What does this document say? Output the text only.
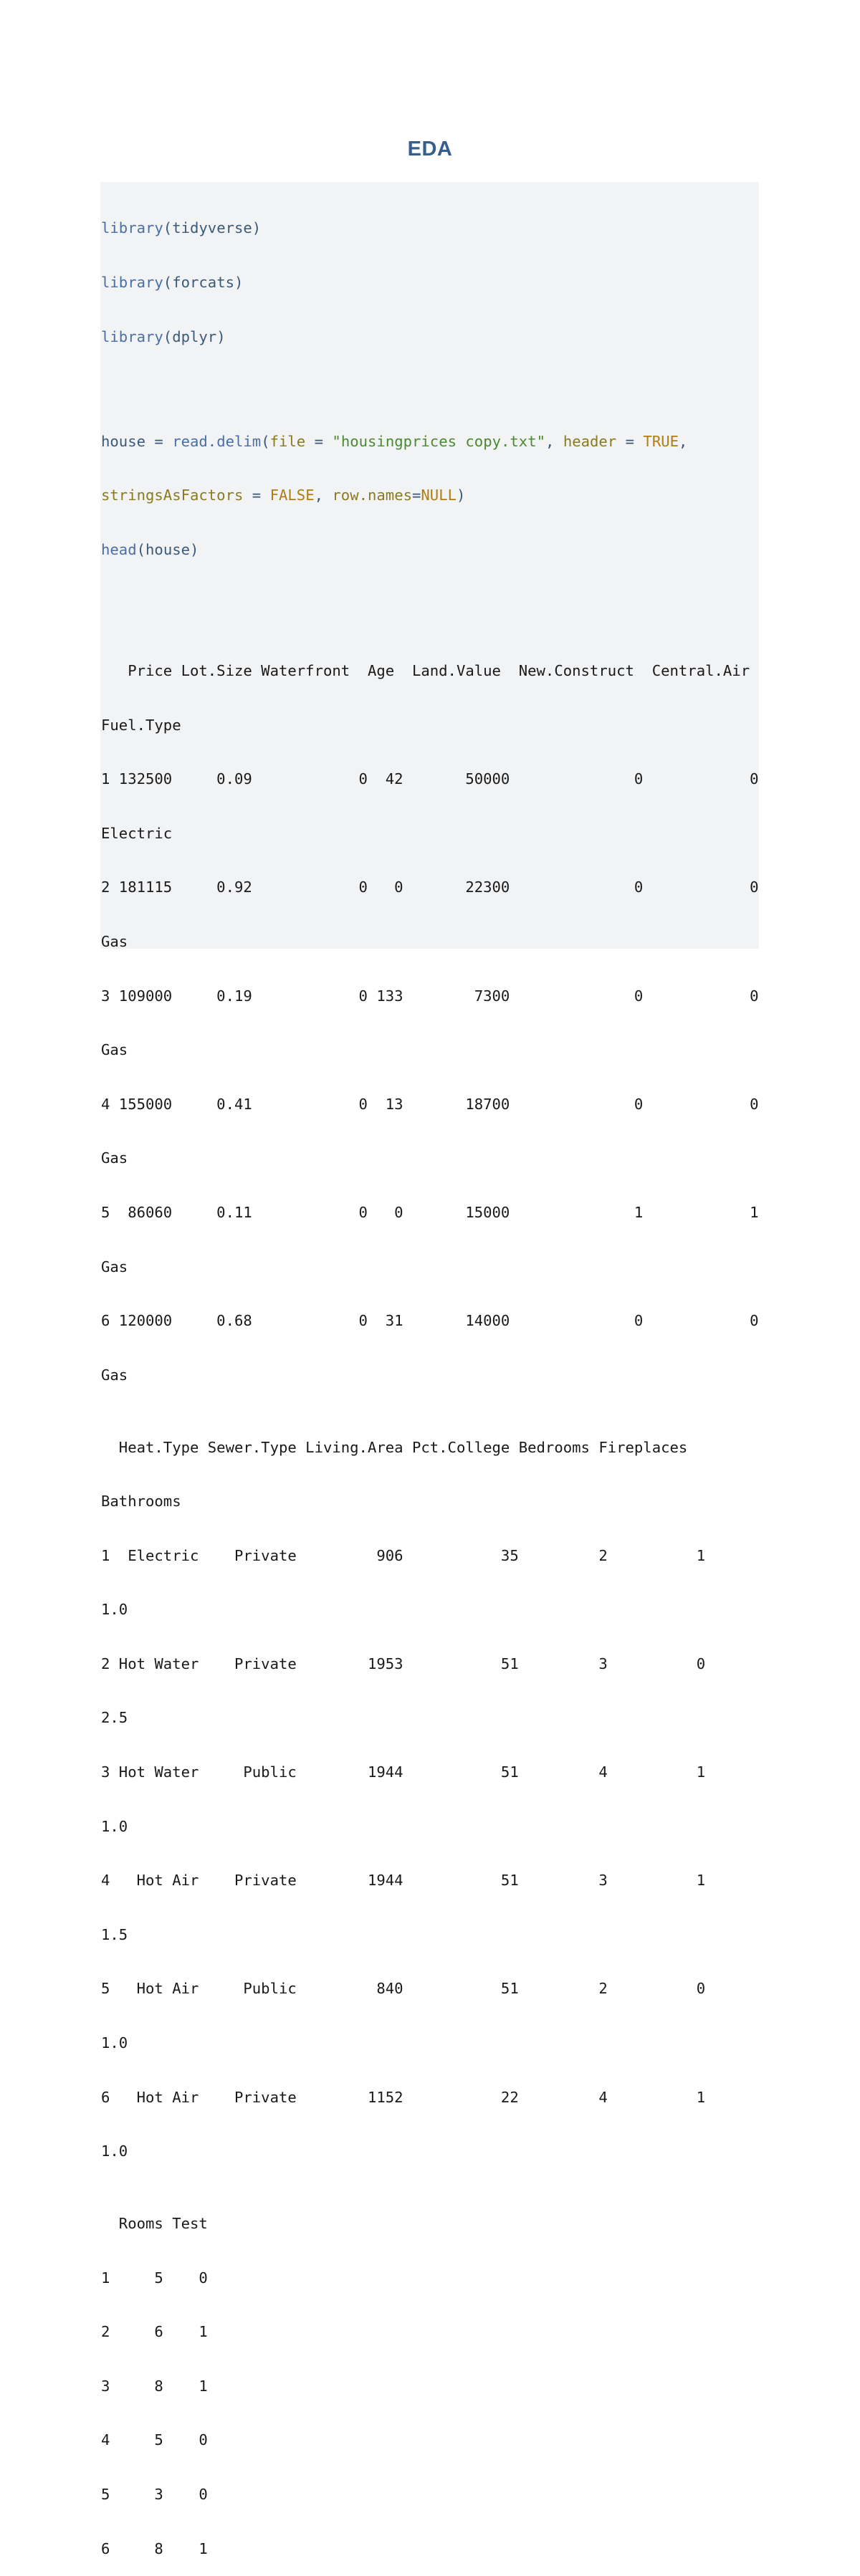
EDA

library(tidyverse)

library(forcats)

library(dplyr)

house = read.delim(file = "housingprices copy.txt", header = TRUE,

stringsAsFactors = FALSE, row.names=NULL)

head(house)

Price Lot.Size Waterfront  Age  Land.Value  New.Construct  Central.Air

Fuel.Type

1 132500     0.09            0  42       50000              0            0

Electric

2 181115     0.92            0   0       22300              0            0

Gas

3 109000     0.19            0 133        7300              0            0

Gas

4 155000     0.41            0  13       18700              0            0

Gas

5  86060     0.11            0   0       15000              1            1

Gas

6 120000     0.68            0  31       14000              0            0

Gas

Heat.Type Sewer.Type Living.Area Pct.College Bedrooms Fireplaces

Bathrooms

1  Electric    Private         906           35         2          1

1.0

2 Hot Water    Private        1953           51         3          0

2.5

3 Hot Water     Public        1944           51         4          1

1.0

4   Hot Air    Private        1944           51         3          1

1.5

5   Hot Air     Public         840           51         2          0

1.0

6   Hot Air    Private        1152           22         4          1

1.0

Rooms Test

1     5    0

2     6    1

3     8    1

4     5    0

5     3    0

6     8    1
